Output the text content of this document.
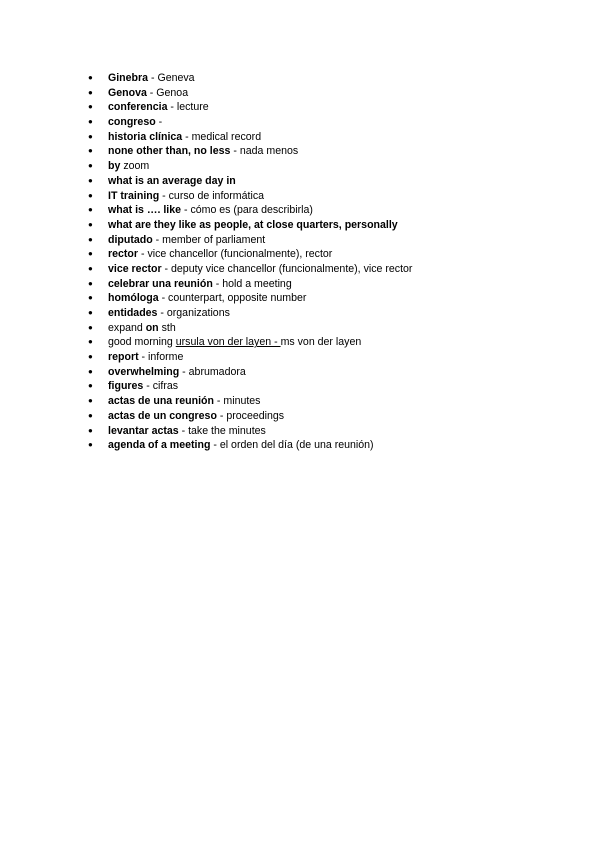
● Ginebra - Geneva
● Genova - Genoa
● conferencia - lecture
● congreso -
● historia clínica - medical record
● none other than, no less - nada menos
● by zoom
● what is an average day in
● IT training - curso de informática
● what is …. like - cómo es (para describirla)
● what are they like as people, at close quarters, personally
● diputado - member of parliament
● rector - vice chancellor (funcionalmente), rector
● vice rector - deputy vice chancellor (funcionalmente), vice rector
● celebrar una reunión - hold a meeting
● homóloga - counterpart, opposite number
● entidades - organizations
● expand on sth
● good morning ursula von der layen - ms von der layen
● report - informe
● overwhelming - abrumadora
● figures - cifras
● actas de una reunión - minutes
● actas de un congreso - proceedings
● levantar actas - take the minutes
● agenda of a meeting - el orden del día (de una reunión)
